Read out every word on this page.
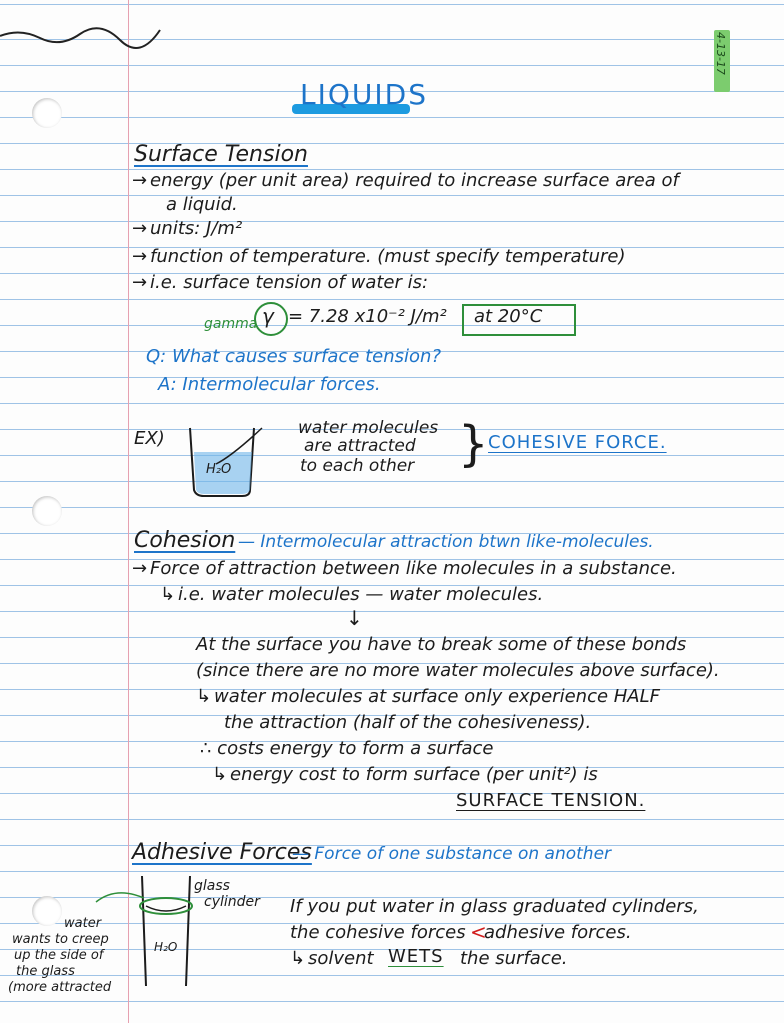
4-13-17
LIQUIDS
Surface Tension
→ energy (per unit area) required to increase surface area of
a liquid.
→ units: J/m²
→ function of temperature. (must specify temperature)
→ i.e. surface tension of water is:
gamma γ = 7.28 x10⁻² J/m² at 20°C
Q: What causes surface tension?
A: Intermolecular forces.
EX)
H₂O
water molecules
are attracted
to each other } COHESIVE FORCE.
Cohesion — Intermolecular attraction btwn like-molecules.
→ Force of attraction between like molecules in a substance.
↳ i.e. water molecules — water molecules.
↓
At the surface you have to break some of these bonds
(since there are no more water molecules above surface).
↳ water molecules at surface only experience HALF
the attraction (half of the cohesiveness).
∴ costs energy to form a surface
↳ energy cost to form surface (per unit²) is
SURFACE TENSION.
Adhesive Forces
— Force of one substance on another
H₂O
glass
cylinder
water
wants to creep
up the side of
the glass
(more attracted
If you put water in glass graduated cylinders,
the cohesive forces <
adhesive forces.
↳ solvent WETS the surface.
